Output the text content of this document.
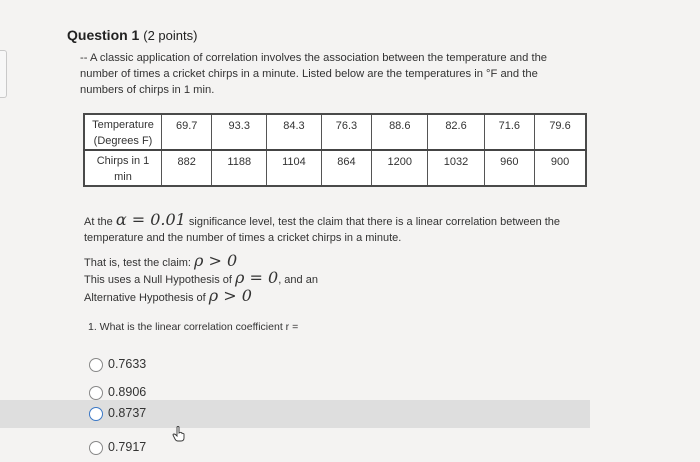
Question 1 (2 points)
-- A classic application of correlation involves the association between the temperature and the number of times a cricket chirps in a minute. Listed below are the temperatures in °F and the numbers of chirps in 1 min.
Temperature (Degrees F)	69.7	93.3	84.3	76.3	88.6	82.6	71.6	79.6
Chirps in 1 min	882	1188	1104	864	1200	1032	960	900
At the α = 0.01 significance level, test the claim that there is a linear correlation between the temperature and the number of times a cricket chirps in a minute.
That is, test the claim: ρ > 0
This uses a Null Hypothesis of ρ = 0, and an
Alternative Hypothesis of ρ > 0
1. What is the linear correlation coefficient r =
0.7633
0.8906
0.8737
0.7917
